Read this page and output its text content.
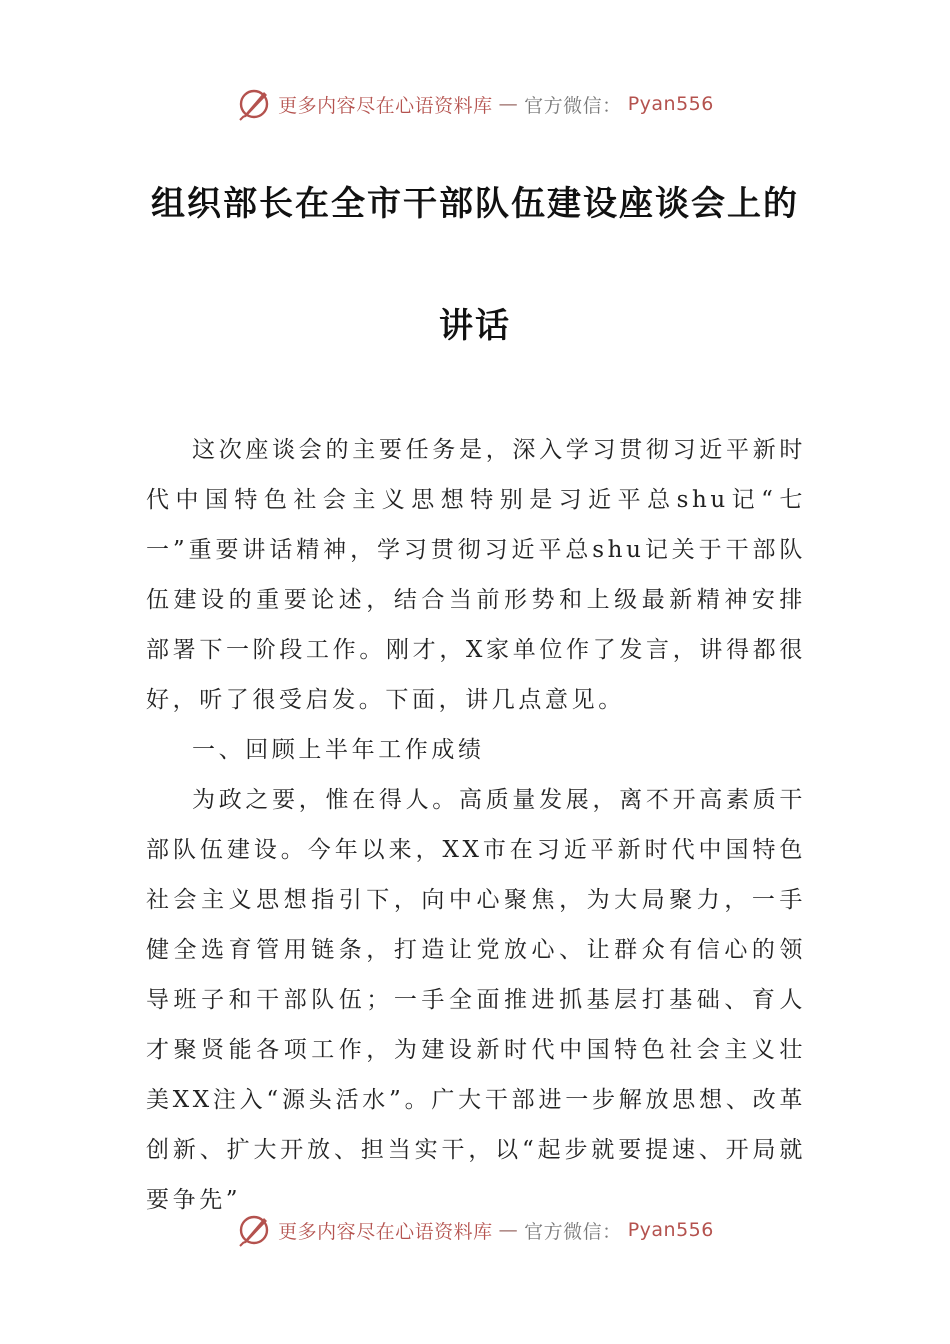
更多内容尽在心语资料库 — 官方微信： Pyan556
组织部长在全市干部队伍建设座谈会上的
讲话

这次座谈会的主要任务是，深入学习贯彻习近平新时代中国特色社会主义思想特别是习近平总shu记“七一”重要讲话精神，学习贯彻习近平总shu记关于干部队伍建设的重要论述，结合当前形势和上级最新精神安排部署下一阶段工作。刚才，X家单位作了发言，讲得都很好，听了很受启发。下面，讲几点意见。

一、回顾上半年工作成绩

为政之要，惟在得人。高质量发展，离不开高素质干部队伍建设。今年以来，XX市在习近平新时代中国特色社会主义思想指引下，向中心聚焦，为大局聚力，一手健全选育管用链条，打造让党放心、让群众有信心的领导班子和干部队伍；一手全面推进抓基层打基础、育人才聚贤能各项工作，为建设新时代中国特色社会主义壮美XX注入“源头活水”。广大干部进一步解放思想、改革创新、扩大开放、担当实干，以“起步就要提速、开局就要争先”

更多内容尽在心语资料库 — 官方微信： Pyan556
